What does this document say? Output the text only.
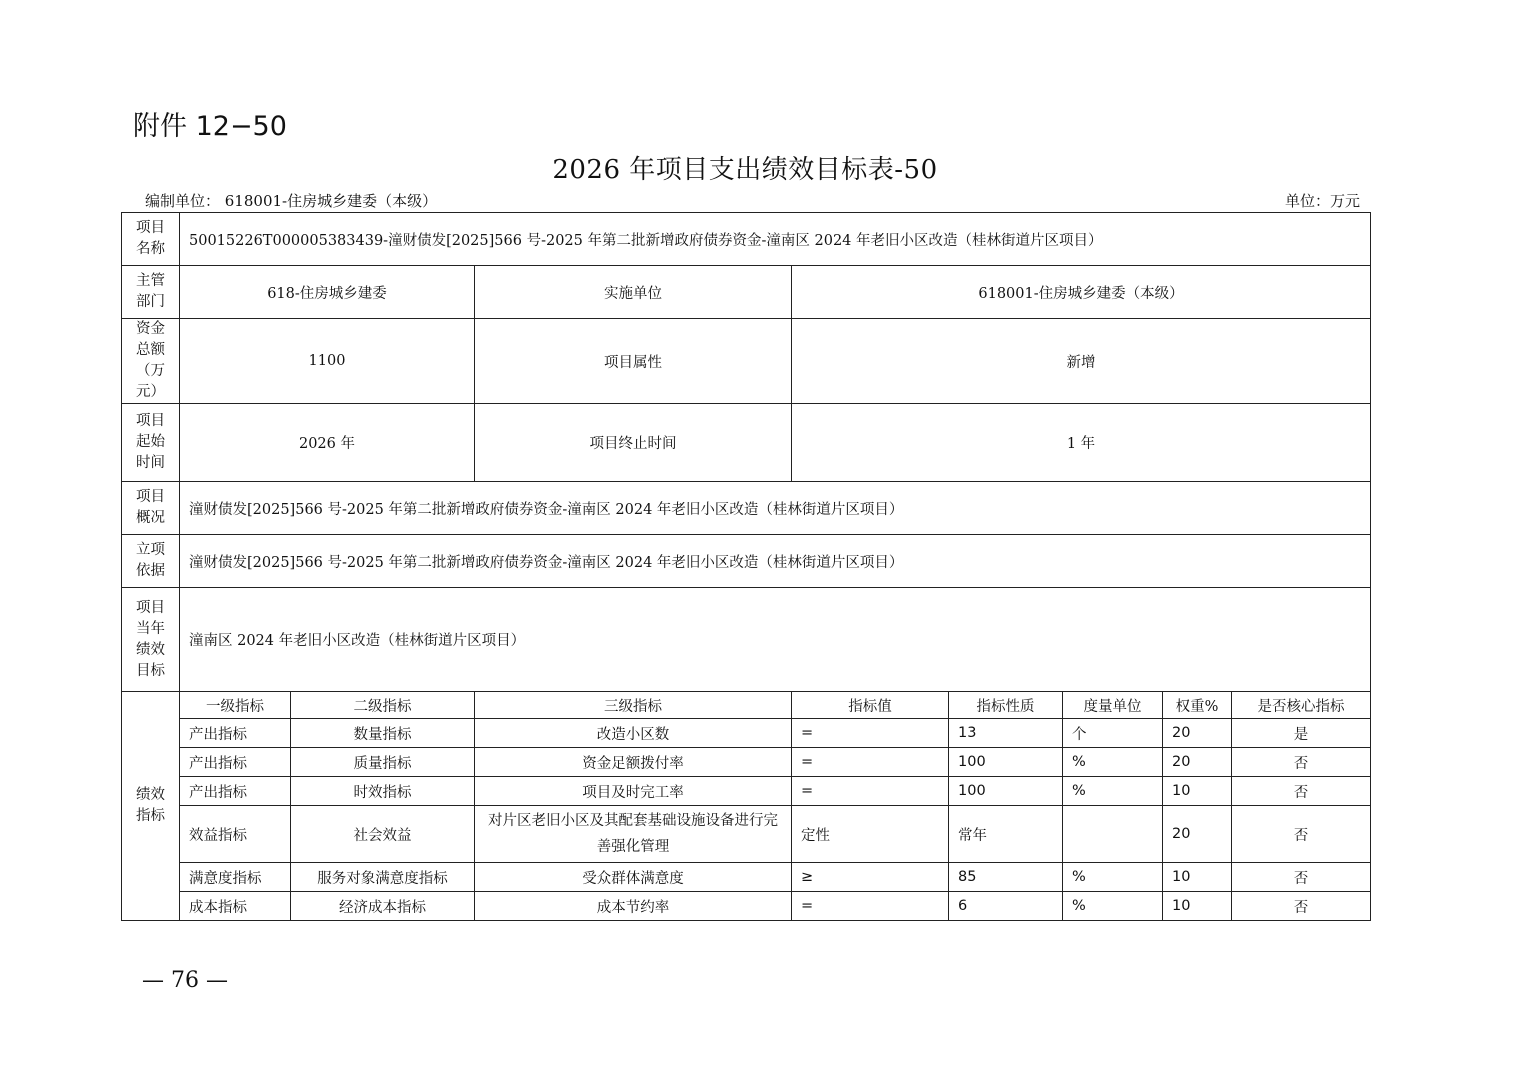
附件 12−50
2026 年项目支出绩效目标表-50
编制单位： 618001-住房城乡建委（本级）	单位：万元
项目
名称	50015226T000005383439-潼财债发[2025]566 号-2025 年第二批新增政府债券资金-潼南区 2024 年老旧小区改造（桂林街道片区项目）							
主管
部门	618-住房城乡建委		实施单位	618001-住房城乡建委（本级）				
资金
总额
（万
元）	1100		项目属性	新增				
项目
起始
时间	2026 年		项目终止时间	1 年				
项目
概况	潼财债发[2025]566 号-2025 年第二批新增政府债券资金-潼南区 2024 年老旧小区改造（桂林街道片区项目）							
立项
依据	潼财债发[2025]566 号-2025 年第二批新增政府债券资金-潼南区 2024 年老旧小区改造（桂林街道片区项目）							
项目
当年
绩效
目标	潼南区 2024 年老旧小区改造（桂林街道片区项目）							
绩效
指标	一级指标	二级指标	三级指标	指标值	指标性质	度量单位	权重%	是否核心指标
	产出指标	数量指标	改造小区数	=	13	个	20	是
	产出指标	质量指标	资金足额拨付率	=	100	%	20	否
	产出指标	时效指标	项目及时完工率	=	100	%	10	否
	效益指标	社会效益	对片区老旧小区及其配套基础设施设备进行完善强化管理	定性	常年		20	否
	满意度指标	服务对象满意度指标	受众群体满意度	≥	85	%	10	否
	成本指标	经济成本指标	成本节约率	=	6	%	10	否
— 76 —
